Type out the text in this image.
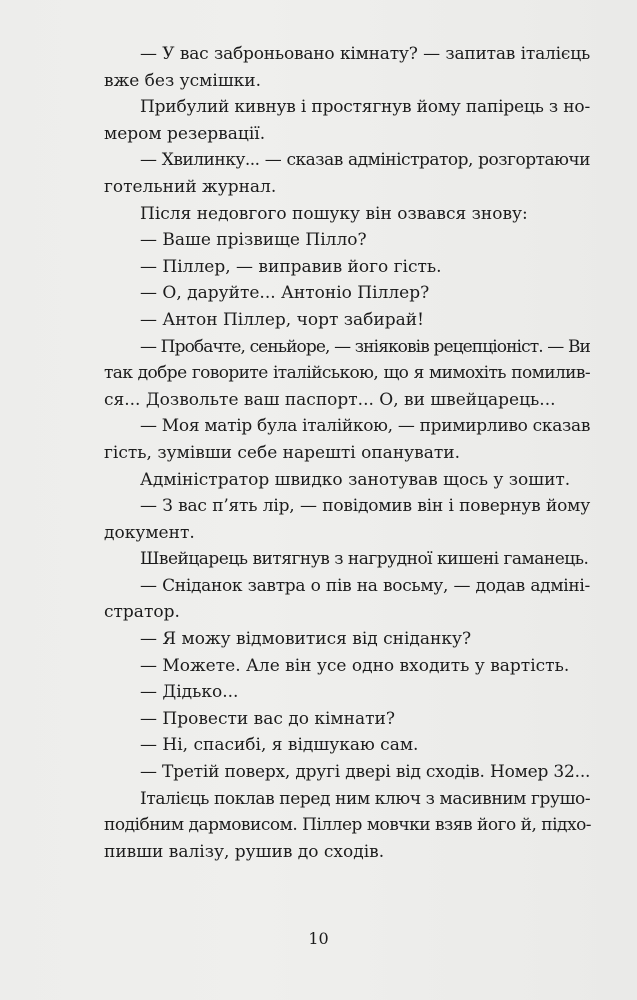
— У вас заброньовано кімнату? — запитав італієць
вже без усмішки.
Прибулий кивнув і простягнув йому папірець з но-
мером резервації.
— Хвилинку... — сказав адміністратор, розгортаючи
готельний журнал.
Після недовгого пошуку він озвався знову:
— Ваше прізвище Пілло?
— Піллер, — виправив його гість.
— О, даруйте... Антоніо Піллер?
— Антон Піллер, чорт забирай!
— Пробачте, сеньйоре, — зніяковів рецепціоніст. — Ви
так добре говорите італійською, що я мимохіть помилив-
ся... Дозвольте ваш паспорт... О, ви швейцарець...
— Моя матір була італійкою, — примирливо сказав
гість, зумівши себе нарешті опанувати.
Адміністратор швидко занотував щось у зошит.
— З вас п’ять лір, — повідомив він і повернув йому
документ.
Швейцарець витягнув з нагрудної кишені гаманець.
— Сніданок завтра о пів на восьму, — додав адміні-
стратор.
— Я можу відмовитися від сніданку?
— Можете. Але він усе одно входить у вартість.
— Дідько...
— Провести вас до кімнати?
— Ні, спасибі, я відшукаю сам.
— Третій поверх, другі двері від сходів. Номер 32...
Італієць поклав перед ним ключ з масивним грушо-
подібним дармовисом. Піллер мовчки взяв його й, підхо-
пивши валізу, рушив до сходів.
10
